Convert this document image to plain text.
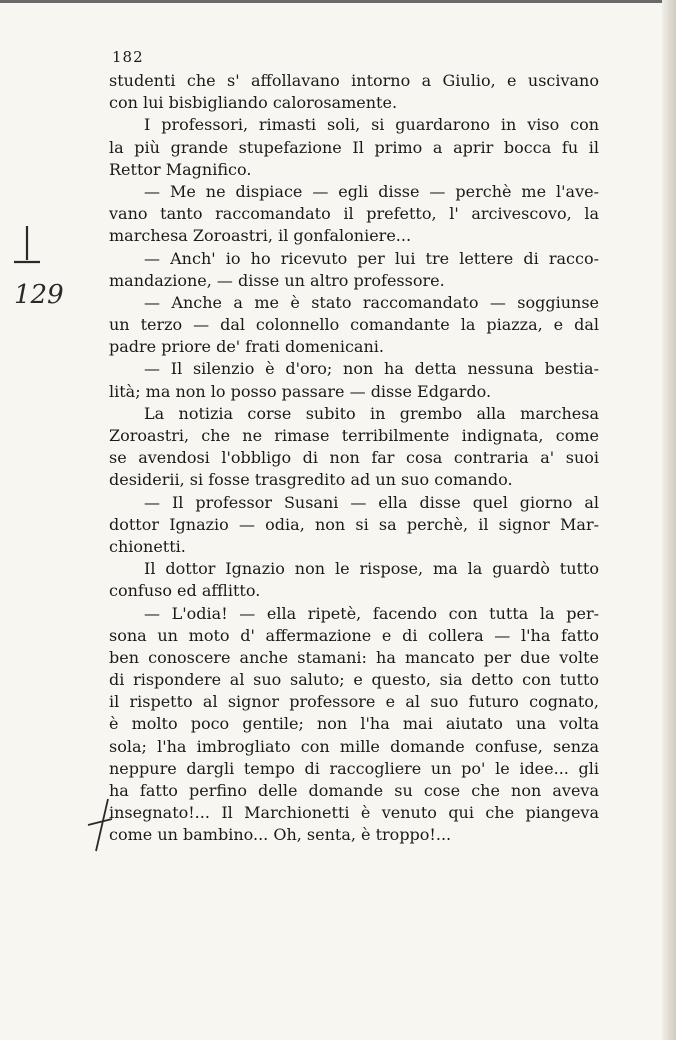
129
182
studenti che s' affollavano intorno a Giulio, e uscivano
con lui bisbigliando calorosamente.
I professori, rimasti soli, si guardarono in viso con
la più grande stupefazione Il primo a aprir bocca fu il
Rettor Magnifico.
— Me ne dispiace — egli disse — perchè me l'ave-
vano tanto raccomandato il prefetto, l' arcivescovo, la
marchesa Zoroastri, il gonfaloniere...
— Anch' io ho ricevuto per lui tre lettere di racco-
mandazione, — disse un altro professore.
— Anche a me è stato raccomandato — soggiunse
un terzo — dal colonnello comandante la piazza, e dal
padre priore de' frati domenicani.
— Il silenzio è d'oro; non ha detta nessuna bestia-
lità; ma non lo posso passare — disse Edgardo.
La notizia corse subito in grembo alla marchesa
Zoroastri, che ne rimase terribilmente indignata, come
se avendosi l'obbligo di non far cosa contraria a' suoi
desiderii, si fosse trasgredito ad un suo comando.
— Il professor Susani — ella disse quel giorno al
dottor Ignazio — odia, non si sa perchè, il signor Mar-
chionetti.
Il dottor Ignazio non le rispose, ma la guardò tutto
confuso ed afflitto.
— L'odia! — ella ripetè, facendo con tutta la per-
sona un moto d' affermazione e di collera — l'ha fatto
ben conoscere anche stamani: ha mancato per due volte
di rispondere al suo saluto; e questo, sia detto con tutto
il rispetto al signor professore e al suo futuro cognato,
è molto poco gentile; non l'ha mai aiutato una volta
sola; l'ha imbrogliato con mille domande confuse, senza
neppure dargli tempo di raccogliere un po' le idee... gli
ha fatto perfino delle domande su cose che non aveva
insegnato!... Il Marchionetti è venuto qui che piangeva
come un bambino... Oh, senta, è troppo!...
